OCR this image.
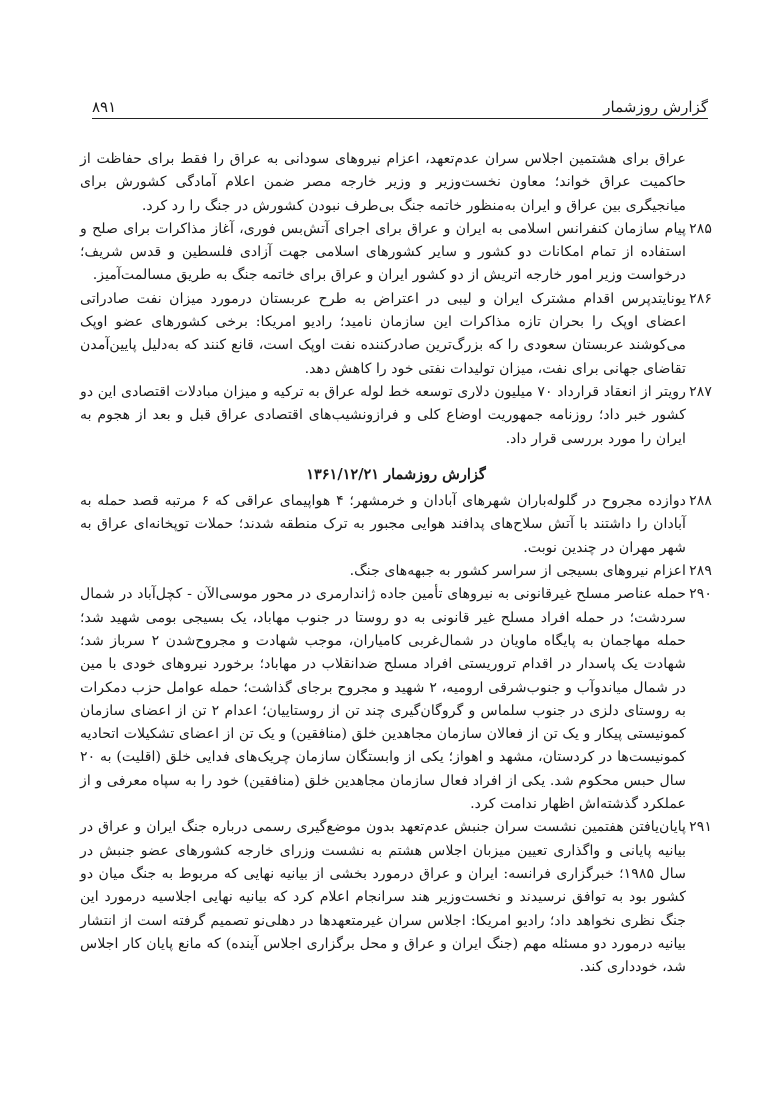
گزارش روزشمار
۸۹۱
عراق برای هشتمین اجلاس سران عدم‌تعهد، اعزام نیروهای سودانی به عراق را فقط برای حفاظت از حاکمیت عراق خواند؛ معاون نخست‌وزیر و وزیر خارجه مصر ضمن اعلام آمادگی کشورش برای میانجیگری بین عراق و ایران به‌منظور خاتمه جنگ بی‌طرف نبودن کشورش در جنگ را رد کرد.
۲۸۵
پیام سازمان کنفرانس اسلامی به ایران و عراق برای اجرای آتش‌بس فوری، آغاز مذاکرات برای صلح و استفاده از تمام امکانات دو کشور و سایر کشورهای اسلامی جهت آزادی فلسطین و قدس شریف؛ درخواست وزیر امور خارجه اتریش از دو کشور ایران و عراق برای خاتمه جنگ به طریق مسالمت‌آمیز.
۲۸۶
یونایتدپرس اقدام مشترک ایران و لیبی در اعتراض به طرح عربستان درمورد میزان نفت صادراتی اعضای اوپک را بحران تازه مذاکرات این سازمان نامید؛ رادیو امریکا: برخی کشورهای عضو اوپک می‌کوشند عربستان سعودی را که بزرگ‌ترین صادرکننده نفت اوپک است، قانع کنند که به‌دلیل پایین‌آمدن تقاضای جهانی برای نفت، میزان تولیدات نفتی خود را کاهش دهد.
۲۸۷
رویتر از انعقاد قرارداد ۷۰ میلیون دلاری توسعه خط لوله عراق به ترکیه و میزان مبادلات اقتصادی این دو کشور خبر داد؛ روزنامه جمهوریت اوضاع کلی و فرازونشیب‌های اقتصادی عراق قبل و بعد از هجوم به ایران را مورد بررسی قرار داد.
گزارش روزشمار ۱۳۶۱/۱۲/۲۱
۲۸۸
دوازده مجروح در گلوله‌باران شهرهای آبادان و خرمشهر؛ ۴ هواپیمای عراقی که ۶ مرتبه قصد حمله به آبادان را داشتند با آتش سلاح‌های پدافند هوایی مجبور به ترک منطقه شدند؛ حملات توپخانه‌ای عراق به شهر مهران در چندین نوبت.
۲۸۹
اعزام نیروهای بسیجی از سراسر کشور به جبهه‌های جنگ.
۲۹۰
حمله عناصر مسلح غیرقانونی به نیروهای تأمین جاده ژاندارمری در محور موسی‌الآن - کچل‌آباد در شمال سردشت؛ در حمله افراد مسلح غیر قانونی به دو روستا در جنوب مهاباد، یک بسیجی بومی شهید شد؛ حمله مهاجمان به پایگاه ماویان در شمال‌غربی کامیاران، موجب شهادت و مجروح‌شدن ۲ سرباز شد؛ شهادت یک پاسدار در اقدام تروریستی افراد مسلح ضدانقلاب در مهاباد؛ برخورد نیروهای خودی با مین در شمال میاندوآب و جنوب‌شرقی ارومیه، ۲ شهید و مجروح برجای گذاشت؛ حمله عوامل حزب دمکرات به روستای دلزی در جنوب سلماس و گروگان‌گیری چند تن از روستاییان؛ اعدام ۲ تن از اعضای سازمان کمونیستی پیکار و یک تن از فعالان سازمان مجاهدین خلق (منافقین) و یک تن از اعضای تشکیلات اتحادیه کمونیست‌ها در کردستان، مشهد و اهواز؛ یکی از وابستگان سازمان چریک‌های فدایی خلق (اقلیت) به ۲۰ سال حبس محکوم شد. یکی از افراد فعال سازمان مجاهدین خلق (منافقین) خود را به سپاه معرفی و از عملکرد گذشته‌اش اظهار ندامت کرد.
۲۹۱
پایان‌یافتن هفتمین نشست سران جنبش عدم‌تعهد بدون موضع‌گیری رسمی درباره جنگ ایران و عراق در بیانیه پایانی و واگذاری تعیین میزبان اجلاس هشتم به نشست وزرای خارجه کشورهای عضو جنبش در سال ۱۹۸۵؛ خبرگزاری فرانسه: ایران و عراق درمورد بخشی از بیانیه نهایی که مربوط به جنگ میان دو کشور بود به توافق نرسیدند و نخست‌وزیر هند سرانجام اعلام کرد که بیانیه نهایی اجلاسیه درمورد این جنگ نظری نخواهد داد؛ رادیو امریکا: اجلاس سران غیرمتعهدها در دهلی‌نو تصمیم گرفته است از انتشار بیانیه درمورد دو مسئله مهم (جنگ ایران و عراق و محل برگزاری اجلاس آینده) که مانع پایان کار اجلاس شد، خودداری کند.
